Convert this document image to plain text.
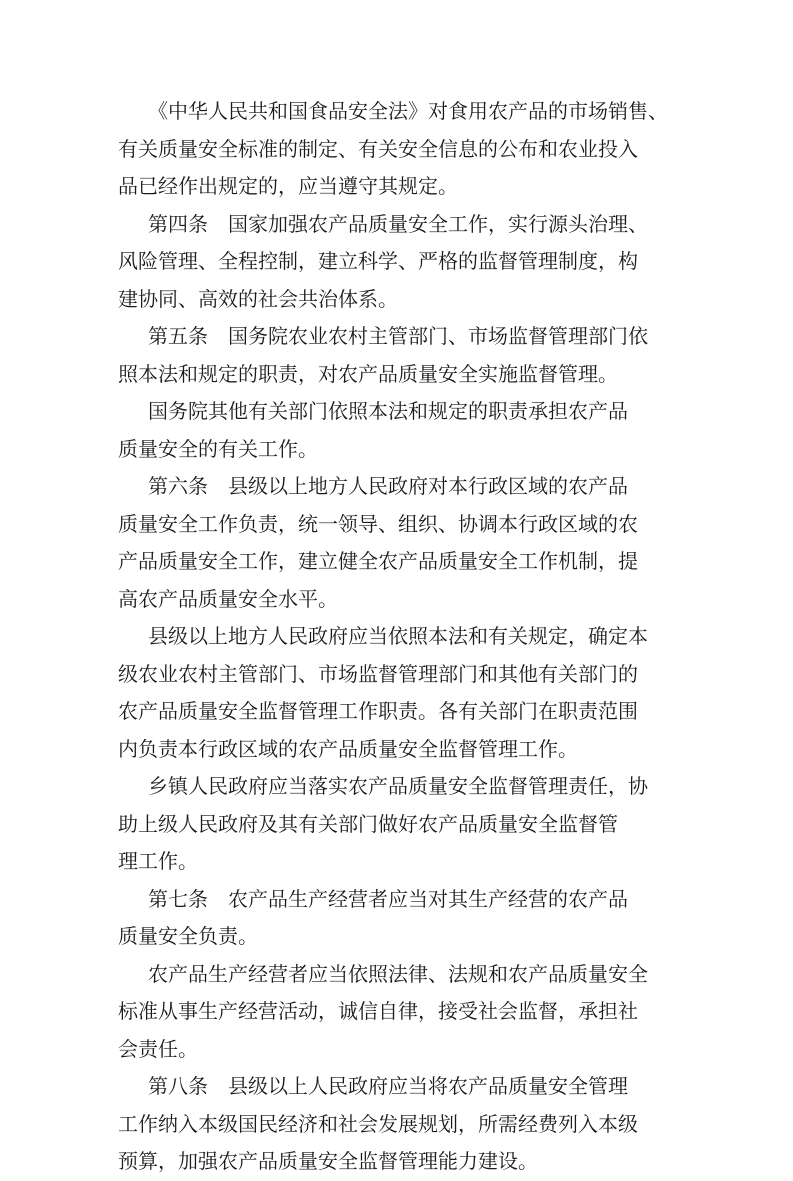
《中华人民共和国食品安全法》对食用农产品的市场销售、
有关质量安全标准的制定、有关安全信息的公布和农业投入
品已经作出规定的，应当遵守其规定。
第四条 国家加强农产品质量安全工作，实行源头治理、
风险管理、全程控制，建立科学、严格的监督管理制度，构
建协同、高效的社会共治体系。
第五条 国务院农业农村主管部门、市场监督管理部门依
照本法和规定的职责，对农产品质量安全实施监督管理。
国务院其他有关部门依照本法和规定的职责承担农产品
质量安全的有关工作。
第六条 县级以上地方人民政府对本行政区域的农产品
质量安全工作负责，统一领导、组织、协调本行政区域的农
产品质量安全工作，建立健全农产品质量安全工作机制，提
高农产品质量安全水平。
县级以上地方人民政府应当依照本法和有关规定，确定本
级农业农村主管部门、市场监督管理部门和其他有关部门的
农产品质量安全监督管理工作职责。各有关部门在职责范围
内负责本行政区域的农产品质量安全监督管理工作。
乡镇人民政府应当落实农产品质量安全监督管理责任，协
助上级人民政府及其有关部门做好农产品质量安全监督管
理工作。
第七条 农产品生产经营者应当对其生产经营的农产品
质量安全负责。
农产品生产经营者应当依照法律、法规和农产品质量安全
标准从事生产经营活动，诚信自律，接受社会监督，承担社
会责任。
第八条 县级以上人民政府应当将农产品质量安全管理
工作纳入本级国民经济和社会发展规划，所需经费列入本级
预算，加强农产品质量安全监督管理能力建设。
